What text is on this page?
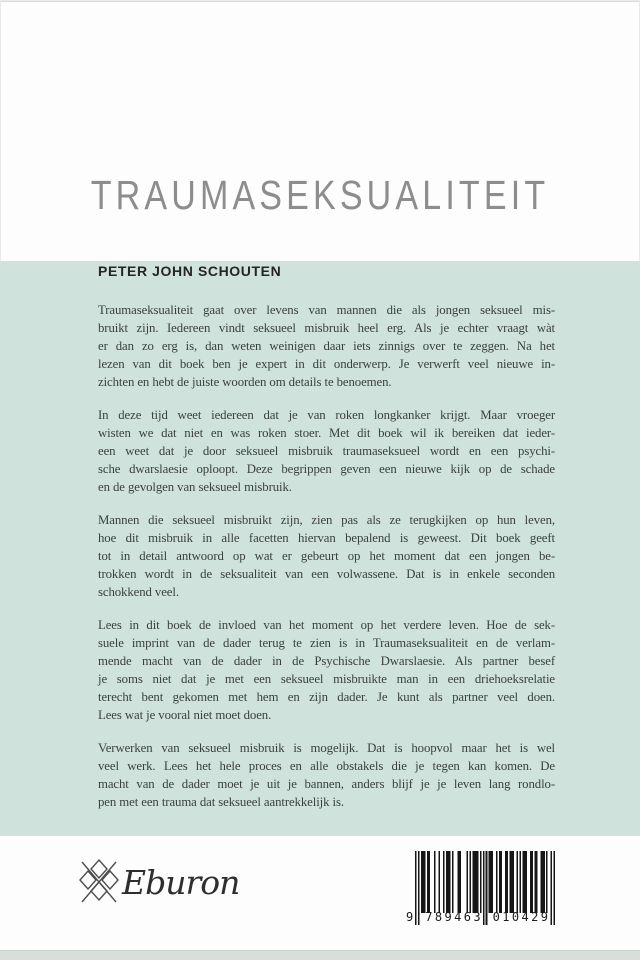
TRAUMASEKSUALITEIT
PETER JOHN SCHOUTEN

Traumaseksualiteit gaat over levens van mannen die als jongen seksueel mis-
bruikt zijn. Iedereen vindt seksueel misbruik heel erg. Als je echter vraagt wàt
er dan zo erg is, dan weten weinigen daar iets zinnigs over te zeggen. Na het
lezen van dit boek ben je expert in dit onderwerp. Je verwerft veel nieuwe in-
zichten en hebt de juiste woorden om details te benoemen.

In deze tijd weet iedereen dat je van roken longkanker krijgt. Maar vroeger
wisten we dat niet en was roken stoer. Met dit boek wil ik bereiken dat ieder-
een weet dat je door seksueel misbruik traumaseksueel wordt en een psychi-
sche dwarslaesie oploopt. Deze begrippen geven een nieuwe kijk op de schade
en de gevolgen van seksueel misbruik.

Mannen die seksueel misbruikt zijn, zien pas als ze terugkijken op hun leven,
hoe dit misbruik in alle facetten hiervan bepalend is geweest. Dit boek geeft
tot in detail antwoord op wat er gebeurt op het moment dat een jongen be-
trokken wordt in de seksualiteit van een volwassene. Dat is in enkele seconden
schokkend veel.

Lees in dit boek de invloed van het moment op het verdere leven. Hoe de sek-
suele imprint van de dader terug te zien is in Traumaseksualiteit en de verlam-
mende macht van de dader in de Psychische Dwarslaesie. Als partner besef
je soms niet dat je met een seksueel misbruikte man in een driehoeksrelatie
terecht bent gekomen met hem en zijn dader. Je kunt als partner veel doen.
Lees wat je vooral niet moet doen.

Verwerken van seksueel misbruik is mogelijk. Dat is hoopvol maar het is wel
veel werk. Lees het hele proces en alle obstakels die je tegen kan komen. De
macht van de dader moet je uit je bannen, anders blijf je je leven lang rondlo-
pen met een trauma dat seksueel aantrekkelijk is.

Eburon
9 789463 010429
